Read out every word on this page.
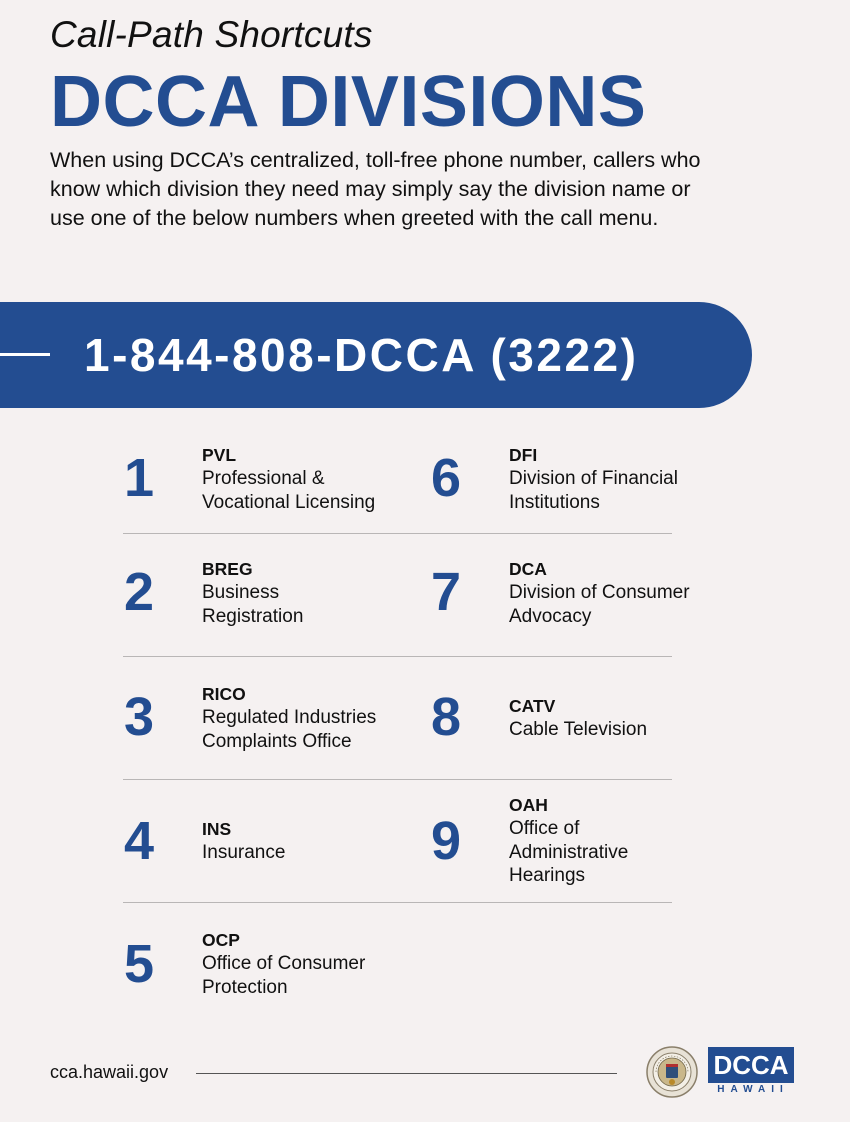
Call-Path Shortcuts
DCCA DIVISIONS
When using DCCA’s centralized, toll-free phone number, callers who know which division they need may simply say the division name or use one of the below numbers when greeted with the call menu.
1-844-808-DCCA (3222)
1	PVL
Professional & Vocational Licensing
2	BREG
Business Registration
3	RICO
Regulated Industries Complaints Office
4	INS
Insurance
5	OCP
Office of Consumer Protection
6	DFI
Division of Financial Institutions
7	DCA
Division of Consumer Advocacy
8	CATV
Cable Television
9
OAH
Office of Administrative Hearings
cca.hawaii.gov	DCCA
HAWAII
